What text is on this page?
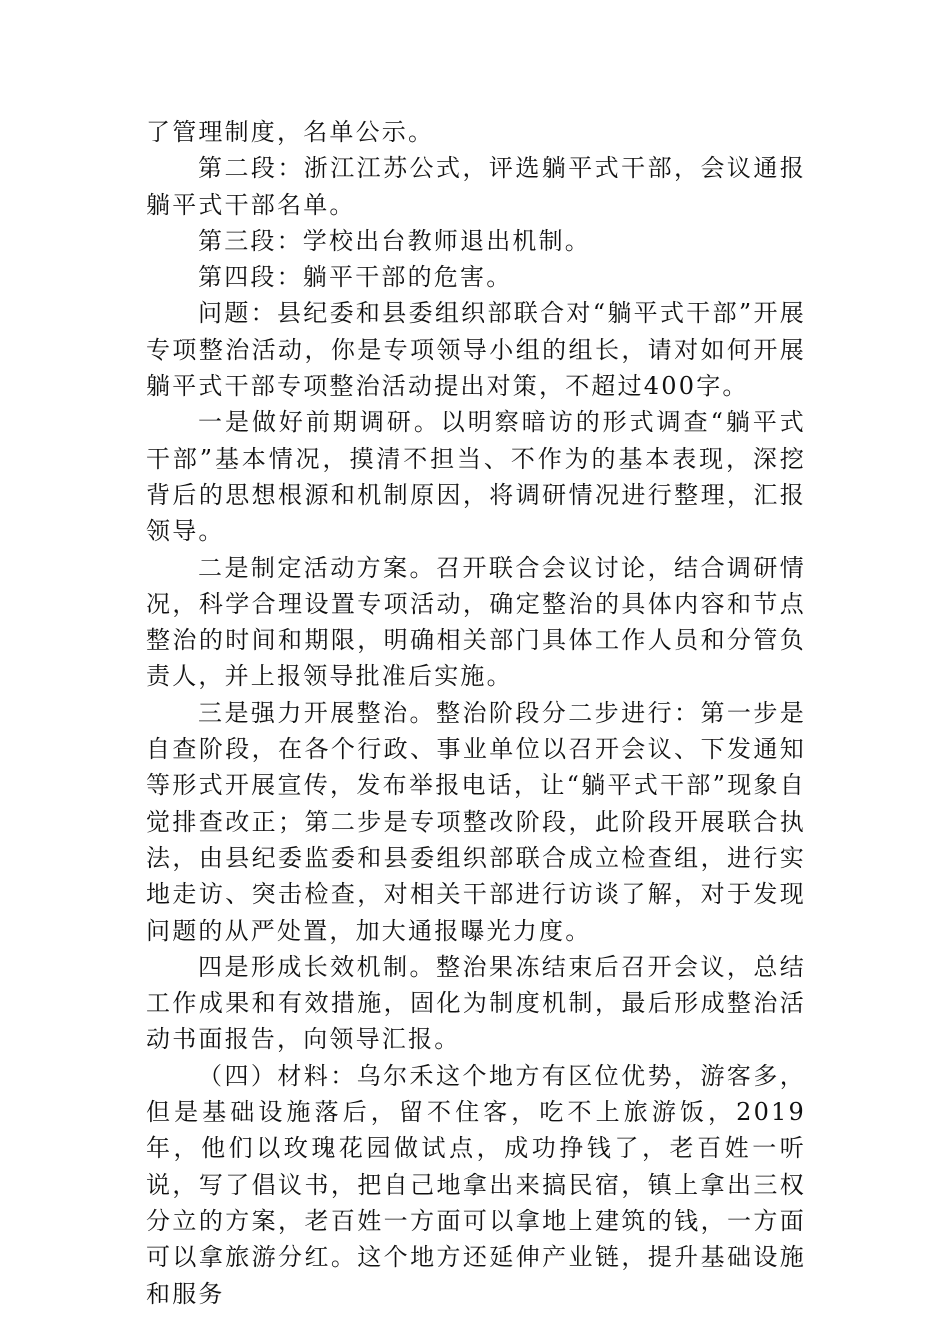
了管理制度，名单公示。

第二段：浙江江苏公式，评选躺平式干部，会议通报躺平式干部名单。

第三段：学校出台教师退出机制。

第四段：躺平干部的危害。

问题：县纪委和县委组织部联合对“躺平式干部”开展专项整治活动，你是专项领导小组的组长，请对如何开展躺平式干部专项整治活动提出对策，不超过400字。

一是做好前期调研。以明察暗访的形式调查“躺平式干部”基本情况，摸清不担当、不作为的基本表现，深挖背后的思想根源和机制原因，将调研情况进行整理，汇报领导。

二是制定活动方案。召开联合会议讨论，结合调研情况，科学合理设置专项活动，确定整治的具体内容和节点整治的时间和期限，明确相关部门具体工作人员和分管负责人，并上报领导批准后实施。

三是强力开展整治。整治阶段分二步进行：第一步是自查阶段，在各个行政、事业单位以召开会议、下发通知等形式开展宣传，发布举报电话，让“躺平式干部”现象自觉排查改正；第二步是专项整改阶段，此阶段开展联合执法，由县纪委监委和县委组织部联合成立检查组，进行实地走访、突击检查，对相关干部进行访谈了解，对于发现问题的从严处置，加大通报曝光力度。

四是形成长效机制。整治果冻结束后召开会议，总结工作成果和有效措施，固化为制度机制，最后形成整治活动书面报告，向领导汇报。

（四）材料：乌尔禾这个地方有区位优势，游客多，但是基础设施落后，留不住客，吃不上旅游饭，2019年，他们以玫瑰花园做试点，成功挣钱了，老百姓一听说，写了倡议书，把自己地拿出来搞民宿，镇上拿出三权分立的方案，老百姓一方面可以拿地上建筑的钱，一方面可以拿旅游分红。这个地方还延伸产业链，提升基础设施和服务
